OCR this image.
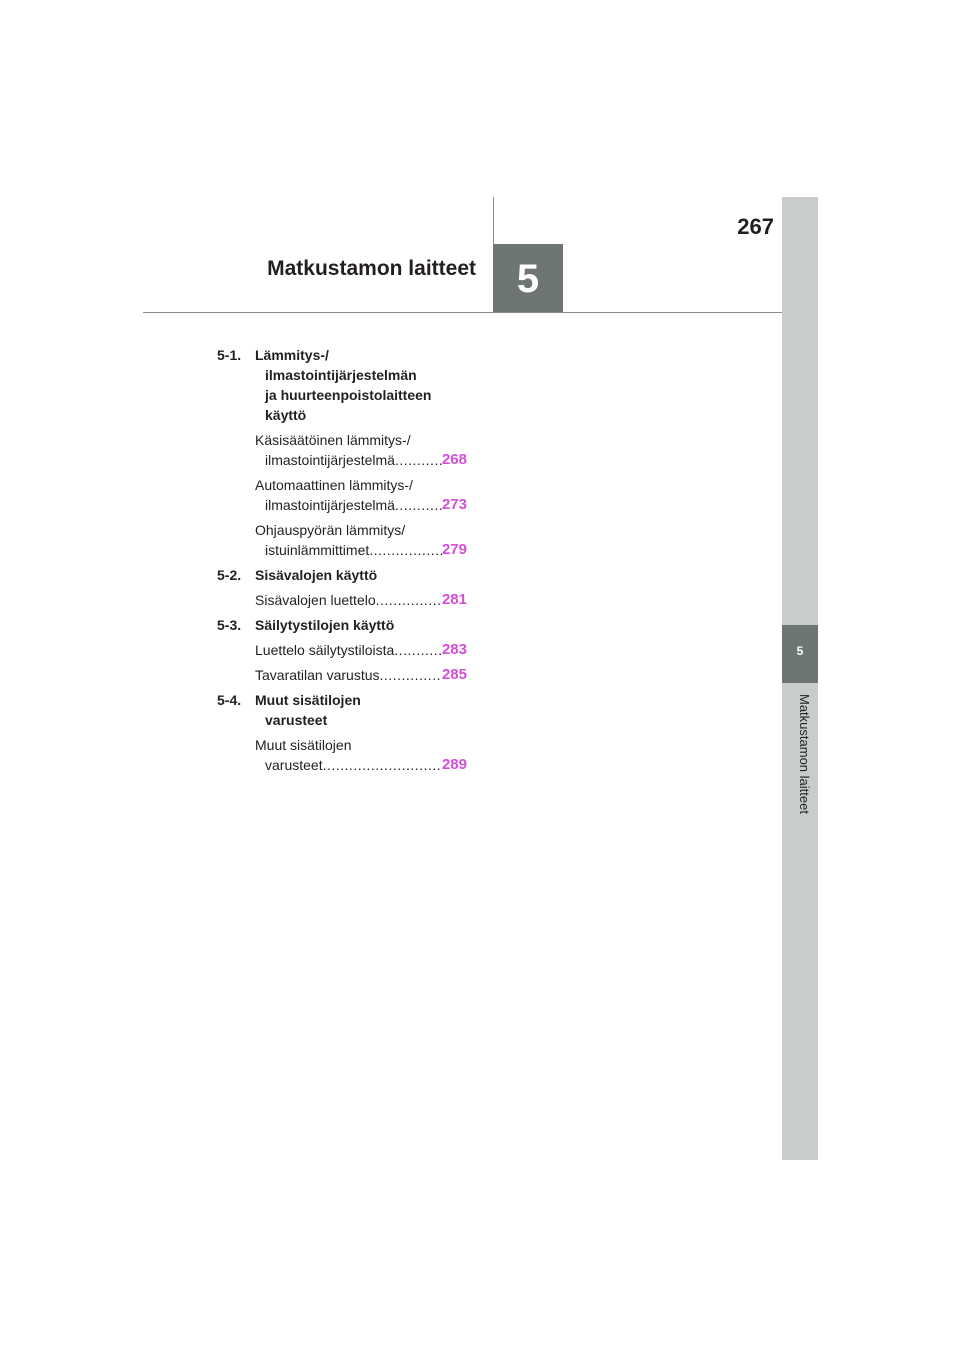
5
Matkustamon laitteet
267
5
Matkustamon laitteet
5-1. Lämmitys-/
ilmastointijärjestelmän
ja huurteenpoistolaitteen
käyttö
Käsisäätöinen lämmitys-/
ilmastointijärjestelmä .....	268
Automaattinen lämmitys-/
ilmastointijärjestelmä .....	273
Ohjauspyörän lämmitys/
istuinlämmittimet .....	279
5-2. Sisävalojen käyttö
Sisävalojen luettelo .....	281
5-3. Säilytystilojen käyttö
Luettelo säilytystiloista .....	283
Tavaratilan varustus .....	285
5-4. Muut sisätilojen
varusteet
Muut sisätilojen
varusteet .....	289
